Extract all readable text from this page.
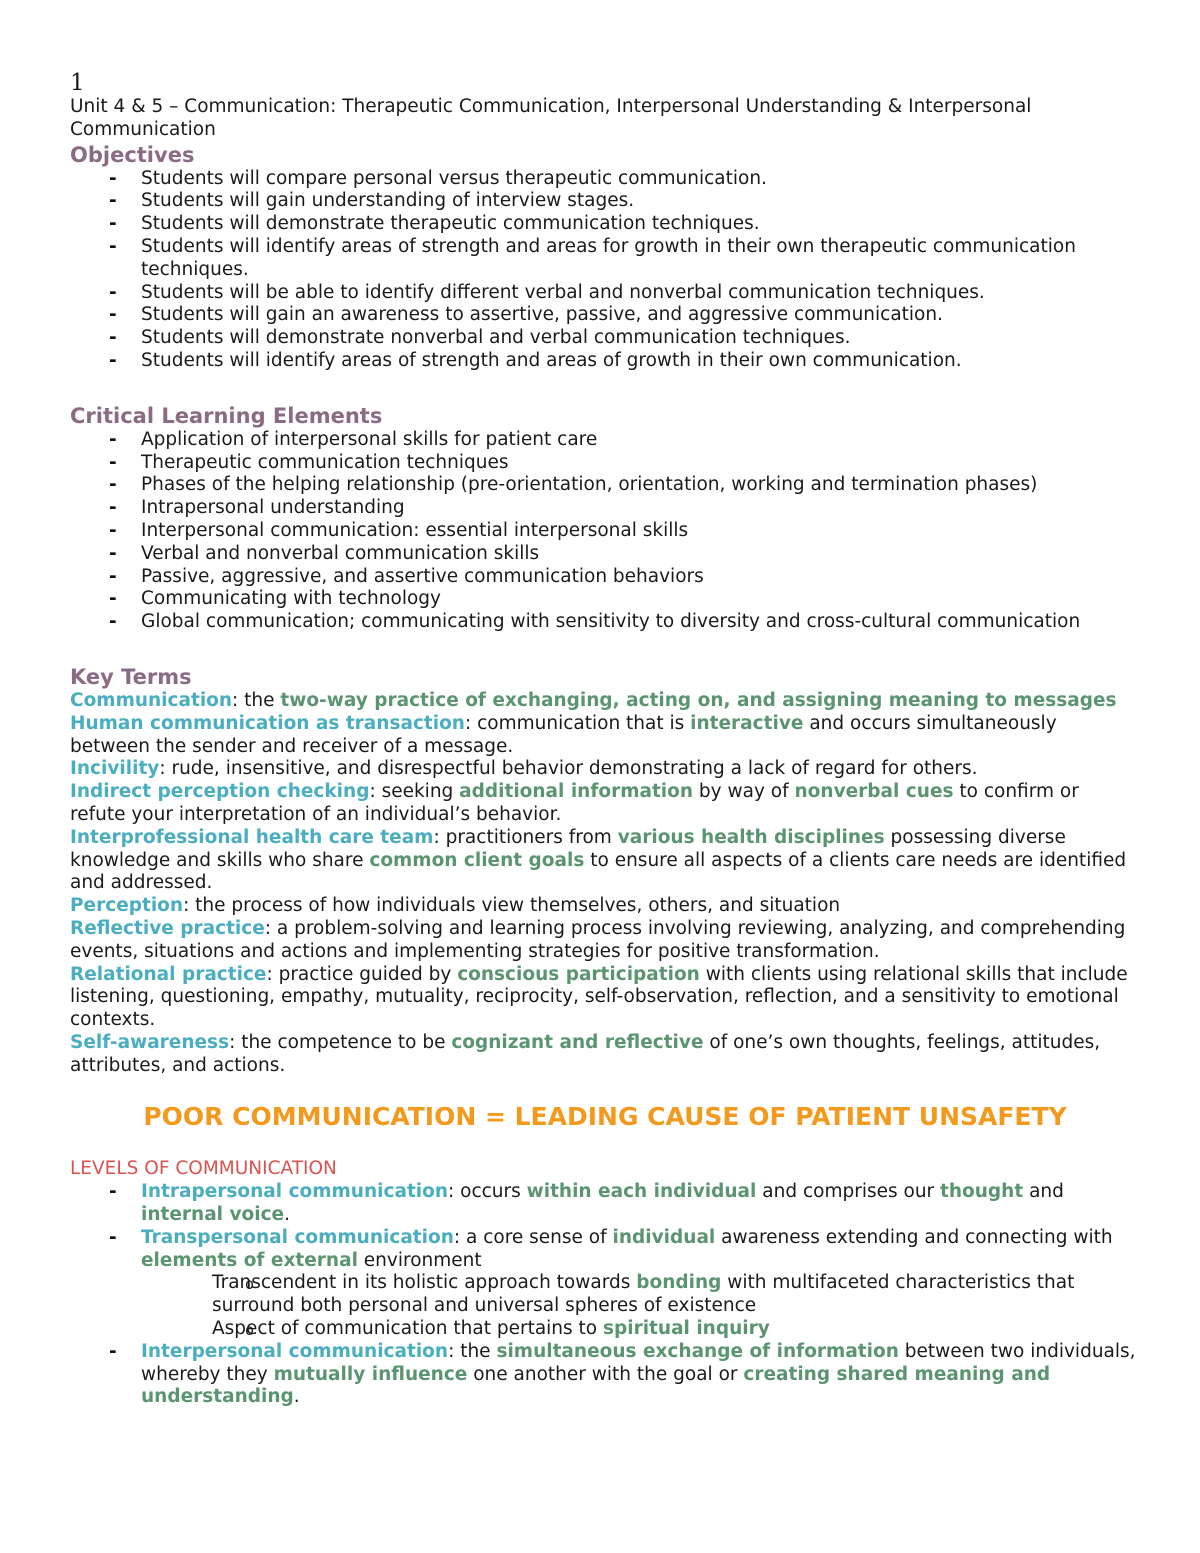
1

Unit 4 & 5 – Communication: Therapeutic Communication, Interpersonal Understanding & Interpersonal Communication

Objectives
- Students will compare personal versus therapeutic communication.
- Students will gain understanding of interview stages.
- Students will demonstrate therapeutic communication techniques.
- Students will identify areas of strength and areas for growth in their own therapeutic communication techniques.
- Students will be able to identify different verbal and nonverbal communication techniques.
- Students will gain an awareness to assertive, passive, and aggressive communication.
- Students will demonstrate nonverbal and verbal communication techniques.
- Students will identify areas of strength and areas of growth in their own communication.
Critical Learning Elements
- Application of interpersonal skills for patient care
- Therapeutic communication techniques
- Phases of the helping relationship (pre-orientation, orientation, working and termination phases)
- Intrapersonal understanding
- Interpersonal communication: essential interpersonal skills
- Verbal and nonverbal communication skills
- Passive, aggressive, and assertive communication behaviors
- Communicating with technology
- Global communication; communicating with sensitivity to diversity and cross-cultural communication
Key Terms

Communication: the two-way practice of exchanging, acting on, and assigning meaning to messages

Human communication as transaction: communication that is interactive and occurs simultaneously between the sender and receiver of a message.

Incivility: rude, insensitive, and disrespectful behavior demonstrating a lack of regard for others.

Indirect perception checking: seeking additional information by way of nonverbal cues to confirm or refute your interpretation of an individual’s behavior.

Interprofessional health care team: practitioners from various health disciplines possessing diverse knowledge and skills who share common client goals to ensure all aspects of a clients care needs are identified and addressed.

Perception: the process of how individuals view themselves, others, and situation

Reflective practice: a problem-solving and learning process involving reviewing, analyzing, and comprehending events, situations and actions and implementing strategies for positive transformation.

Relational practice: practice guided by conscious participation with clients using relational skills that include listening, questioning, empathy, mutuality, reciprocity, self-observation, reflection, and a sensitivity to emotional contexts.

Self-awareness: the competence to be cognizant and reflective of one’s own thoughts, feelings, attitudes, attributes, and actions.

POOR COMMUNICATION = LEADING CAUSE OF PATIENT UNSAFETY

LEVELS OF COMMUNICATION

- Intrapersonal communication: occurs within each individual and comprises our thought and internal voice.
- Transpersonal communication: a core sense of individual awareness extending and connecting with elements of external environment
o Transcendent in its holistic approach towards bonding with multifaceted characteristics that surround both personal and universal spheres of existence
o Aspect of communication that pertains to spiritual inquiry
- Interpersonal communication: the simultaneous exchange of information between two individuals, whereby they mutually influence one another with the goal or creating shared meaning and understanding.
